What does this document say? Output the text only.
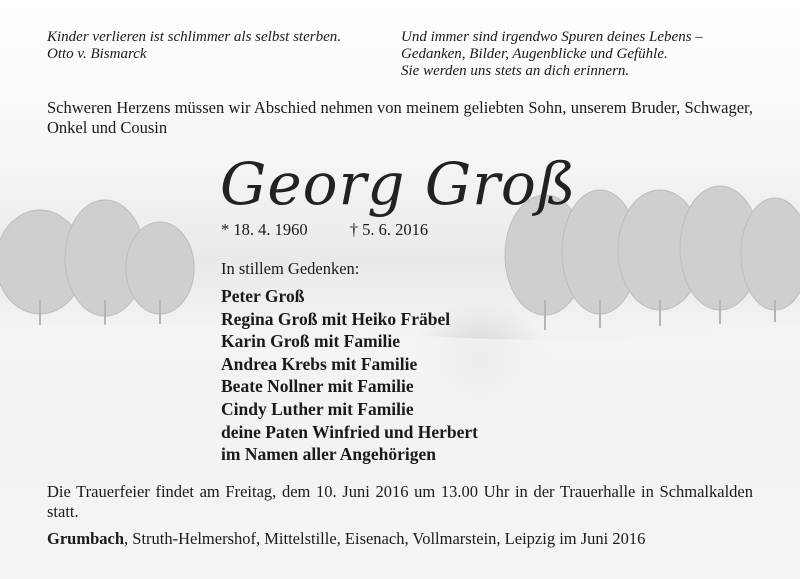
Kinder verlieren ist schlimmer als selbst sterben.
Otto v. Bismarck
Und immer sind irgendwo Spuren deines Lebens –
Gedanken, Bilder, Augenblicke und Gefühle.
Sie werden uns stets an dich erinnern.
Schweren Herzens müssen wir Abschied nehmen von meinem geliebten Sohn, unserem Bruder, Schwager, Onkel und Cousin
Georg Groß
* 18. 4. 1960	† 5. 6. 2016
In stillem Gedenken:
Peter Groß
Regina Groß mit Heiko Fräbel
Karin Groß mit Familie
Andrea Krebs mit Familie
Beate Nollner mit Familie
Cindy Luther mit Familie
deine Paten Winfried und Herbert
im Namen aller Angehörigen
Die Trauerfeier findet am Freitag, dem 10. Juni 2016 um 13.00 Uhr in der Trauerhalle in Schmalkalden statt.
Grumbach, Struth-Helmershof, Mittelstille, Eisenach, Vollmarstein, Leipzig im Juni 2016
